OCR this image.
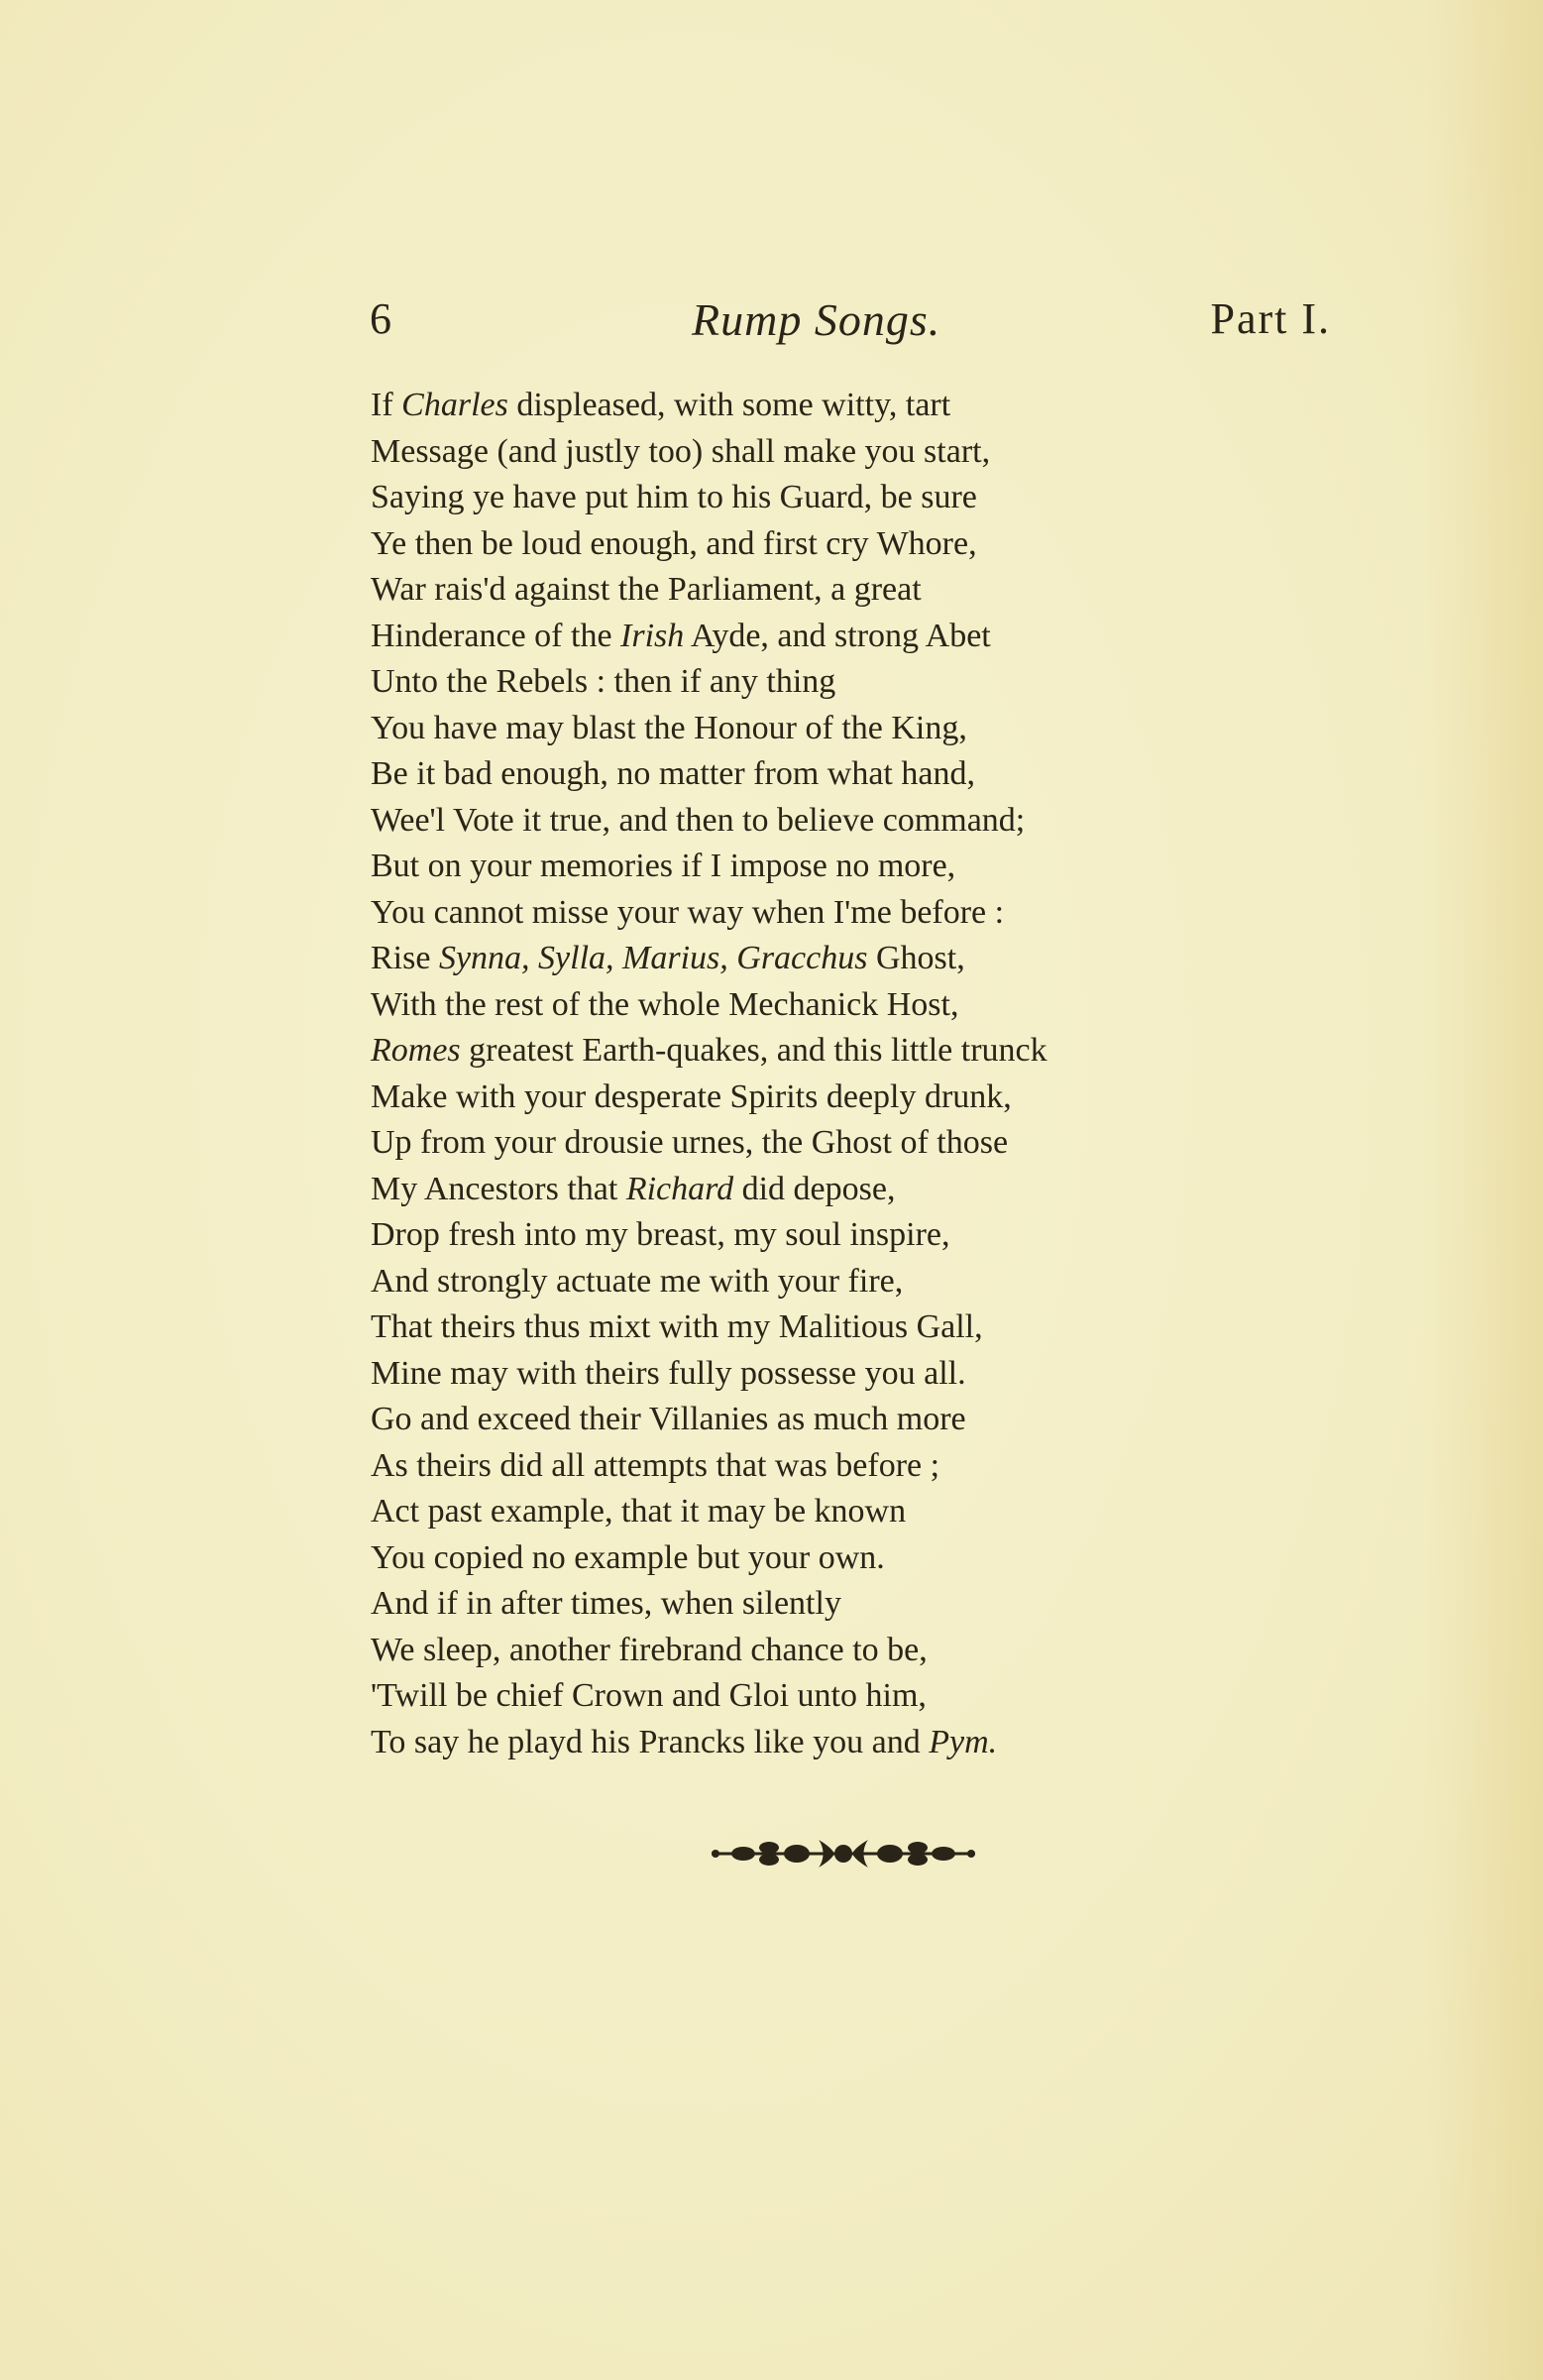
6	Rump Songs.	Part I.
If Charles displeased, with some witty, tart
Message (and justly too) shall make you start,
Saying ye have put him to his Guard, be sure
Ye then be loud enough, and first cry Whore,
War rais'd against the Parliament, a great
Hinderance of the Irish Ayde, and strong Abet
Unto the Rebels : then if any thing
You have may blast the Honour of the King,
Be it bad enough, no matter from what hand,
Wee'l Vote it true, and then to believe command;
But on your memories if I impose no more,
You cannot misse your way when I'me before :
Rise Synna, Sylla, Marius, Gracchus Ghost,
With the rest of the whole Mechanick Host,
Romes greatest Earth-quakes, and this little trunck
Make with your desperate Spirits deeply drunk,
Up from your drousie urnes, the Ghost of those
My Ancestors that Richard did depose,
Drop fresh into my breast, my soul inspire,
And strongly actuate me with your fire,
That theirs thus mixt with my Malitious Gall,
Mine may with theirs fully possesse you all.
Go and exceed their Villanies as much more
As theirs did all attempts that was before ;
Act past example, that it may be known
You copied no example but your own.
And if in after times, when silently
We sleep, another firebrand chance to be,
'Twill be chief Crown and Gloi unto him,
To say he playd his Prancks like you and Pym.
